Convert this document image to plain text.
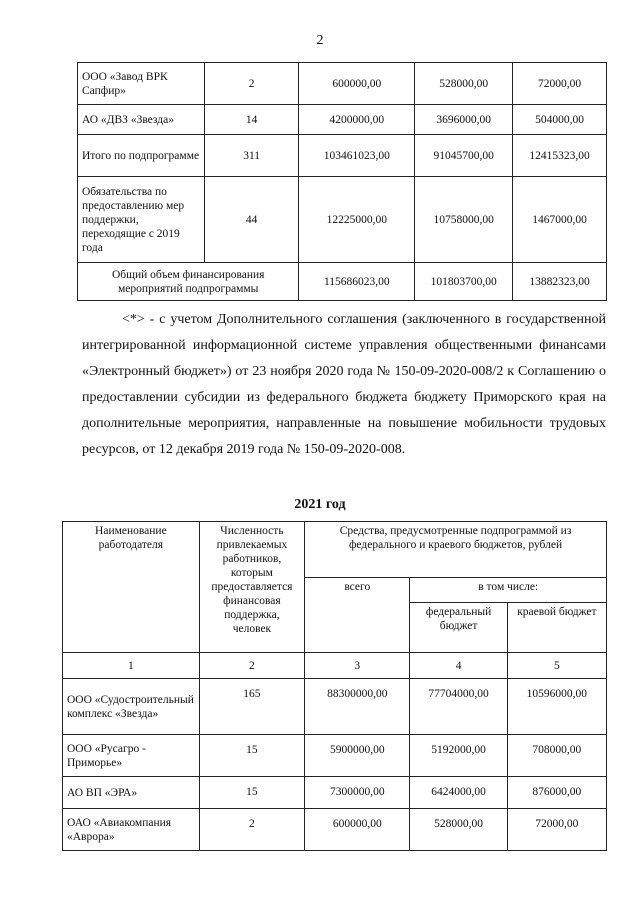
2
ООО «Завод ВРК Сапфир»	2	600000,00	528000,00	72000,00
АО «ДВЗ «Звезда»	14	4200000,00	3696000,00	504000,00
Итого по подпрограмме	311	103461023,00	91045700,00	12415323,00
Обязательства по предоставлению мер поддержки, переходящие с 2019 года	44	12225000,00	10758000,00	1467000,00
Общий объем финансирования мероприятий подпрограммы		115686023,00	101803700,00	13882323,00

<*> - с учетом Дополнительного соглашения (заключенного в государственной интегрированной информационной системе управления общественными финансами «Электронный бюджет») от 23 ноября 2020 года № 150-09-2020-008/2 к Соглашению о предоставлении субсидии из федерального бюджета бюджету Приморского края на дополнительные мероприятия, направленные на повышение мобильности трудовых ресурсов, от 12 декабря 2019 года № 150-09-2020-008.

2021 год
Наименование работодателя	Численность привлекаемых работников, которым предоставляется финансовая поддержка, человек	Средства, предусмотренные подпрограммой из федерального и краевого бюджетов, рублей		
		всего	в том числе:	
			федеральный бюджет	краевой бюджет
1	2	3	4	5
ООО «Судостроительный комплекс «Звезда»	165	88300000,00	77704000,00	10596000,00
ООО «Русагро - Приморье»	15	5900000,00	5192000,00	708000,00
АО ВП «ЭРА»	15	7300000,00	6424000,00	876000,00
ОАО «Авиакомпания «Аврора»	2	600000,00	528000,00	72000,00
